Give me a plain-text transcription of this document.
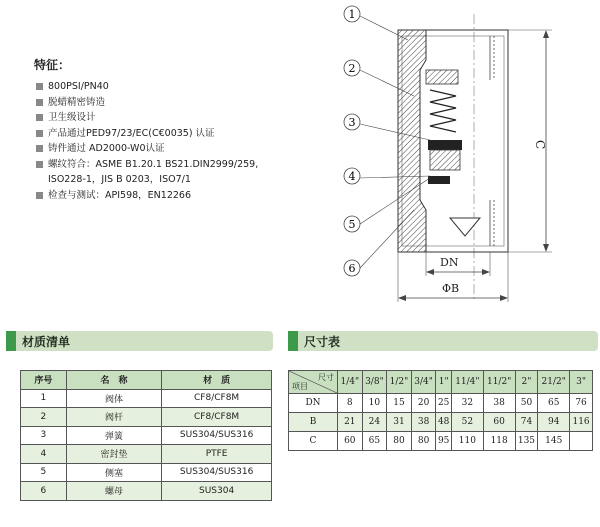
特征：
800PSI/PN40
脱蜡精密铸造
卫生级设计
产品通过PED97/23/EC(C€0035) 认证
铸件通过 AD2000-W0认证
螺纹符合：ASME B1.20.1 BS21.DIN2999/259,
ISO228-1，JIS B 0203，ISO7/1
检查与测试：API598，EN12266
C
DN
ΦB
1
2
3
4
5
6
材质清单	尺寸表
序号	名　称	材　质
1	阀体	CF8/CF8M
2	阀杆	CF8/CF8M
3	弹簧	SUS304/SUS316
4	密封垫	PTFE
5	侧塞	SUS304/SUS316
6	螺母	SUS304
尺寸
项目	1/4"	3/8"	1/2"	3/4"	1"	11/4"	11/2"	2"	21/2"	3"
DN	8	10	15	20	25	32	38	50	65	76
B	21	24	31	38	48	52	60	74	94	116
C	60	65	80	80	95	110	118	135	145	
